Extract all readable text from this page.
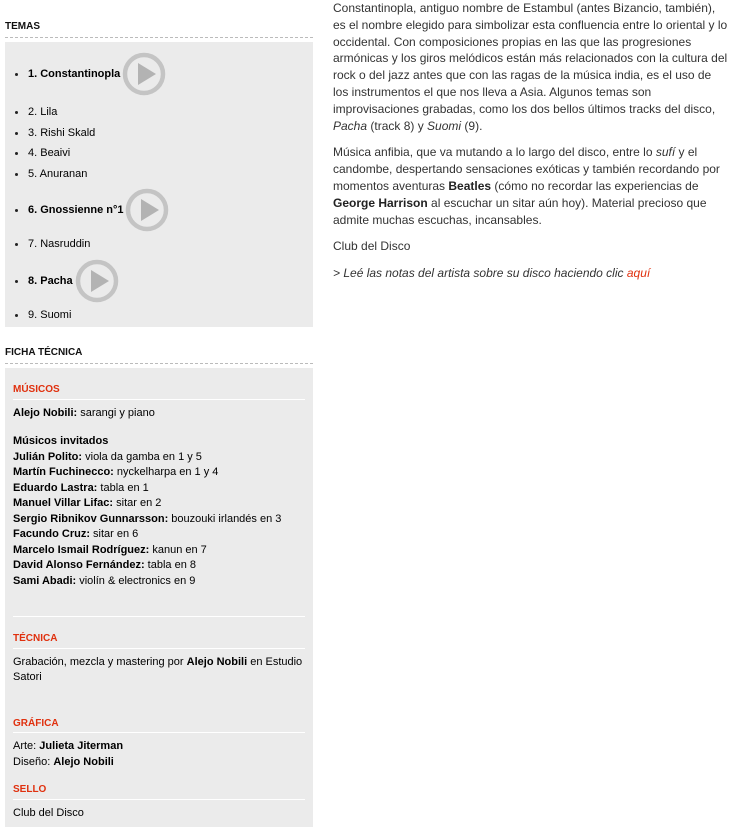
TEMAS
1. Constantinopla
2. Lila
3. Rishi Skald
4. Beaivi
5. Anuranan
6. Gnossienne n°1
7. Nasruddin
8. Pacha
9. Suomi
FICHA TÉCNICA
MÚSICOS
Alejo Nobili: sarangi y piano
Músicos invitados
Julián Polito: viola da gamba en 1 y 5
Martín Fuchinecco: nyckelharpa en 1 y 4
Eduardo Lastra: tabla en 1
Manuel Villar Lifac: sitar en 2
Sergio Ribnikov Gunnarsson: bouzouki irlandés en 3
Facundo Cruz: sitar en 6
Marcelo Ismail Rodríguez: kanun en 7
David Alonso Fernández: tabla en 8
Sami Abadi: violín & electronics en 9
TÉCNICA
Grabación, mezcla y mastering por Alejo Nobili en Estudio Satori
GRÁFICA
Arte: Julieta Jiterman
Diseño: Alejo Nobili
SELLO
Club del Disco

Constantinopla, antiguo nombre de Estambul (antes Bizancio, también), es el nombre elegido para simbolizar esta confluencia entre lo oriental y lo occidental. Con composiciones propias en las que las progresiones armónicas y los giros melódicos están más relacionados con la cultura del rock o del jazz antes que con las ragas de la música india, es el uso de los instrumentos el que nos lleva a Asia. Algunos temas son improvisaciones grabadas, como los dos bellos últimos tracks del disco, Pacha (track 8) y Suomi (9).

Música anfibia, que va mutando a lo largo del disco, entre lo sufí y el candombe, despertando sensaciones exóticas y también recordando por momentos aventuras Beatles (cómo no recordar las experiencias de George Harrison al escuchar un sitar aún hoy). Material precioso que admite muchas escuchas, incansables.

Club del Disco

> Leé las notas del artista sobre su disco haciendo clic aquí
